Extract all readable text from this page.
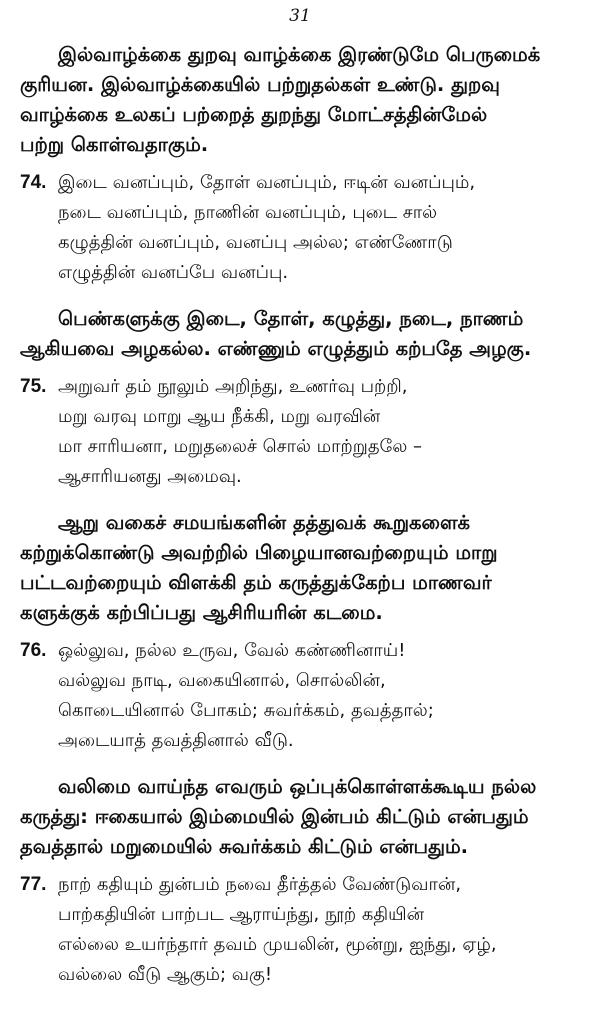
31
இல்வாழ்க்கை துறவு வாழ்க்கை இரண்டுமே பெருமைக்
குரியன. இல்வாழ்க்கையில் பற்றுதல்கள் உண்டு. துறவு
வாழ்க்கை உலகப் பற்றைத் துறந்து மோட்சத்தின்மேல்
பற்று கொள்வதாகும்.
74. இடை வனப்பும், தோள் வனப்பும், ஈடின் வனப்பும்,
நடை வனப்பும், நாணின் வனப்பும், புடை சால்
கழுத்தின் வனப்பும், வனப்பு அல்ல; எண்ணோடு
எழுத்தின் வனப்பே வனப்பு.
பெண்களுக்கு இடை, தோள், கழுத்து, நடை, நாணம்
ஆகியவை அழகல்ல. எண்ணும் எழுத்தும் கற்பதே அழகு.
75. அறுவர் தம் நூலும் அறிந்து, உணர்வு பற்றி,
மறு வரவு மாறு ஆய நீக்கி, மறு வரவின்
மா சாரியனா, மறுதலைச் சொல் மாற்றுதலே –
ஆசாரியனது அமைவு.
ஆறு வகைச் சமயங்களின் தத்துவக் கூறுகளைக்
கற்றுக்கொண்டு அவற்றில் பிழையானவற்றையும் மாறு
பட்டவற்றையும் விளக்கி தம் கருத்துக்கேற்ப மாணவர்
களுக்குக் கற்பிப்பது ஆசிரியரின் கடமை.
76. ஒல்லுவ, நல்ல உருவ, வேல் கண்ணினாய்!
வல்லுவ நாடி, வகையினால், சொல்லின்,
கொடையினால் போகம்; சுவர்க்கம், தவத்தால்;
அடையாத் தவத்தினால் வீடு.
வலிமை வாய்ந்த எவரும் ஒப்புக்கொள்ளக்கூடிய நல்ல
கருத்து: ஈகையால் இம்மையில் இன்பம் கிட்டும் என்பதும்
தவத்தால் மறுமையில் சுவர்க்கம் கிட்டும் என்பதும்.
77. நாற் கதியும் துன்பம் நவை தீர்த்தல் வேண்டுவான்,
பாற்கதியின் பாற்பட ஆராய்ந்து, நூற் கதியின்
எல்லை உயர்ந்தார் தவம் முயலின், மூன்று, ஐந்து, ஏழ்,
வல்லை வீடு ஆகும்; வகு!
